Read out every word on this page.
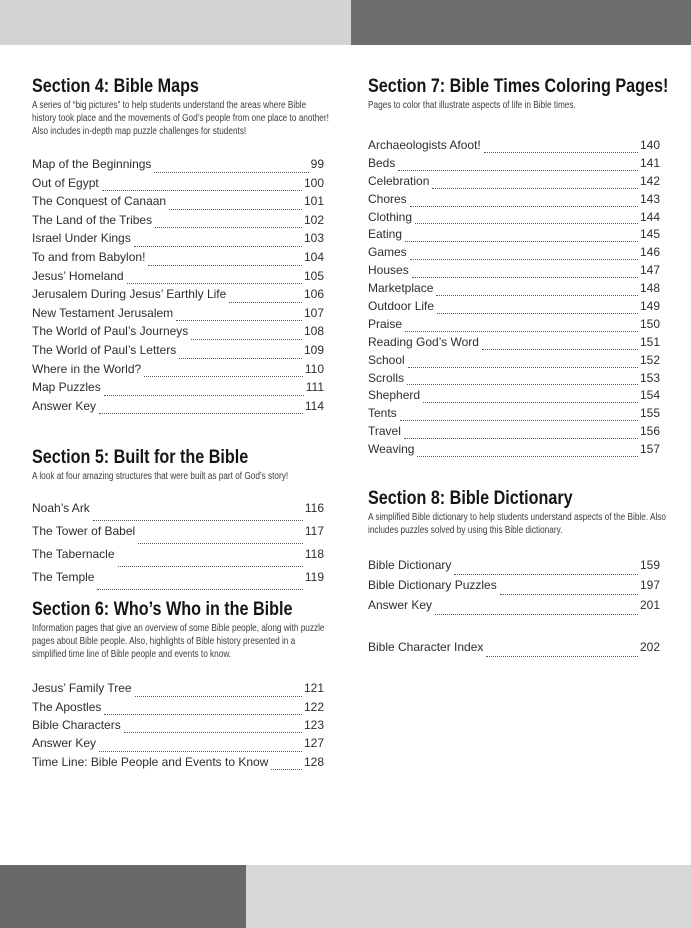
Section 4: Bible Maps

A series of “big pictures” to help students understand the areas where Bible history took place and the movements of God’s people from one place to another! Also includes in-depth map puzzle challenges for students!

Map of the Beginnings	99
Out of Egypt	100
The Conquest of Canaan	101
The Land of the Tribes	102
Israel Under Kings	103
To and from Babylon!	104
Jesus’ Homeland	105
Jerusalem During Jesus’ Earthly Life	106
New Testament Jerusalem	107
The World of Paul’s Journeys	108
The World of Paul’s Letters	109
Where in the World?	110
Map Puzzles	111
Answer Key	114
Section 5: Built for the Bible

A look at four amazing structures that were built as part of God’s story!

Noah’s Ark	116
The Tower of Babel	117
The Tabernacle	118
The Temple	119
Section 6: Who’s Who in the Bible

Information pages that give an overview of some Bible people, along with puzzle pages about Bible people. Also, highlights of Bible history presented in a simplified time line of Bible people and events to know.

Jesus’ Family Tree	121
The Apostles	122
Bible Characters	123
Answer Key	127
Time Line: Bible People and Events to Know	128
Section 7: Bible Times Coloring Pages!

Pages to color that illustrate aspects of life in Bible times.

Archaeologists Afoot!	140
Beds	141
Celebration	142
Chores	143
Clothing	144
Eating	145
Games	146
Houses	147
Marketplace	148
Outdoor Life	149
Praise	150
Reading God’s Word	151
School	152
Scrolls	153
Shepherd	154
Tents	155
Travel	156
Weaving	157
Section 8: Bible Dictionary

A simplified Bible dictionary to help students understand aspects of the Bible. Also includes puzzles solved by using this Bible dictionary.

Bible Dictionary	159
Bible Dictionary Puzzles	197
Answer Key	201
Bible Character Index	202
